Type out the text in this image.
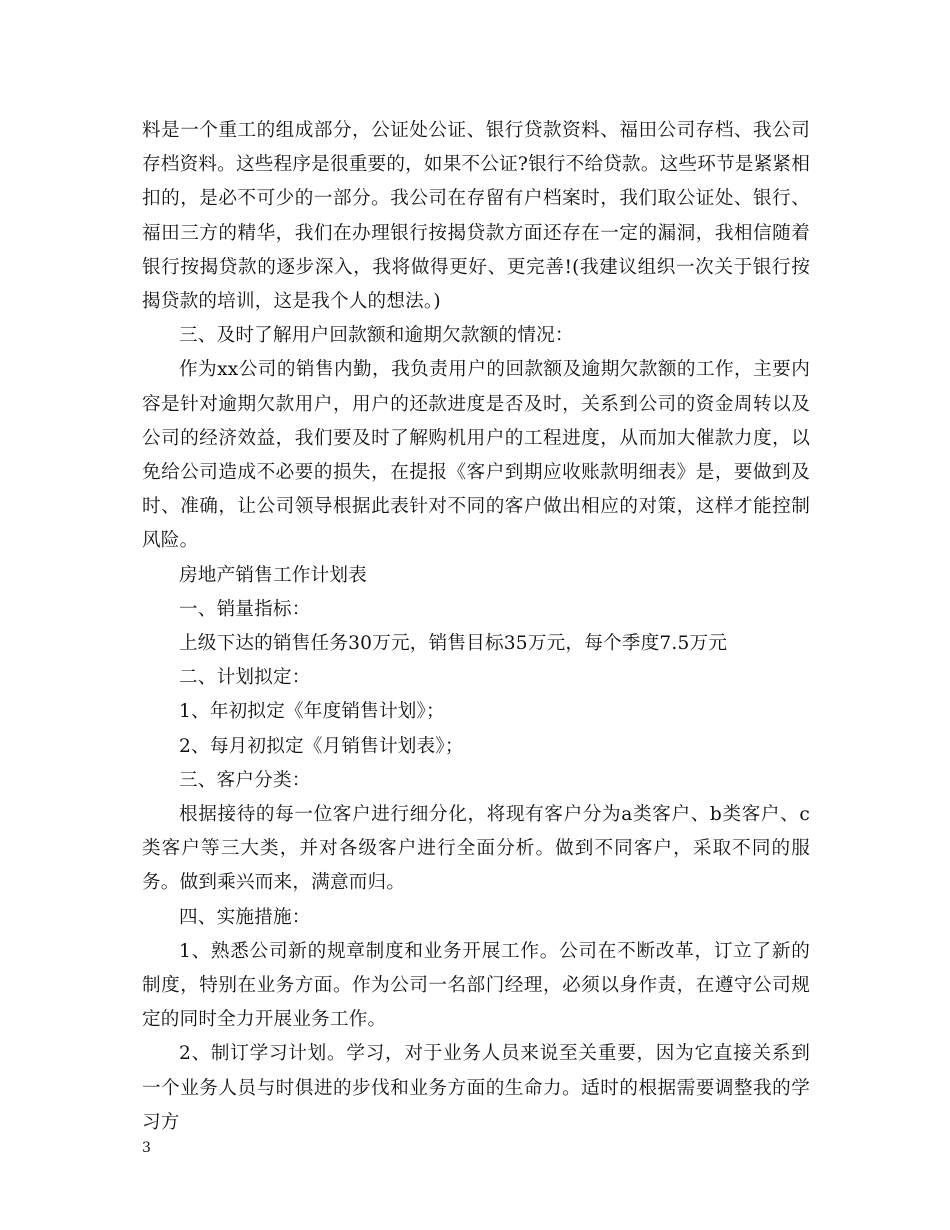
料是一个重工的组成部分，公证处公证、银行贷款资料、福田公司存档、我公司存档资料。这些程序是很重要的，如果不公证?银行不给贷款。这些环节是紧紧相扣的，是必不可少的一部分。我公司在存留有户档案时，我们取公证处、银行、福田三方的精华，我们在办理银行按揭贷款方面还存在一定的漏洞，我相信随着银行按揭贷款的逐步深入，我将做得更好、更完善!(我建议组织一次关于银行按揭贷款的培训，这是我个人的想法。)

三、及时了解用户回款额和逾期欠款额的情况：

作为xx公司的销售内勤，我负责用户的回款额及逾期欠款额的工作，主要内容是针对逾期欠款用户，用户的还款进度是否及时，关系到公司的资金周转以及公司的经济效益，我们要及时了解购机用户的工程进度，从而加大催款力度，以免给公司造成不必要的损失，在提报《客户到期应收账款明细表》是，要做到及时、准确，让公司领导根据此表针对不同的客户做出相应的对策，这样才能控制风险。

房地产销售工作计划表

一、销量指标：

上级下达的销售任务30万元，销售目标35万元，每个季度7.5万元

二、计划拟定：

1、年初拟定《年度销售计划》；

2、每月初拟定《月销售计划表》；

三、客户分类：

根据接待的每一位客户进行细分化，将现有客户分为a类客户、b类客户、c类客户等三大类，并对各级客户进行全面分析。做到不同客户，采取不同的服务。做到乘兴而来，满意而归。

四、实施措施：

1、熟悉公司新的规章制度和业务开展工作。公司在不断改革，订立了新的制度，特别在业务方面。作为公司一名部门经理，必须以身作责，在遵守公司规定的同时全力开展业务工作。

2、制订学习计划。学习，对于业务人员来说至关重要，因为它直接关系到一个业务人员与时俱进的步伐和业务方面的生命力。适时的根据需要调整我的学习方

3
